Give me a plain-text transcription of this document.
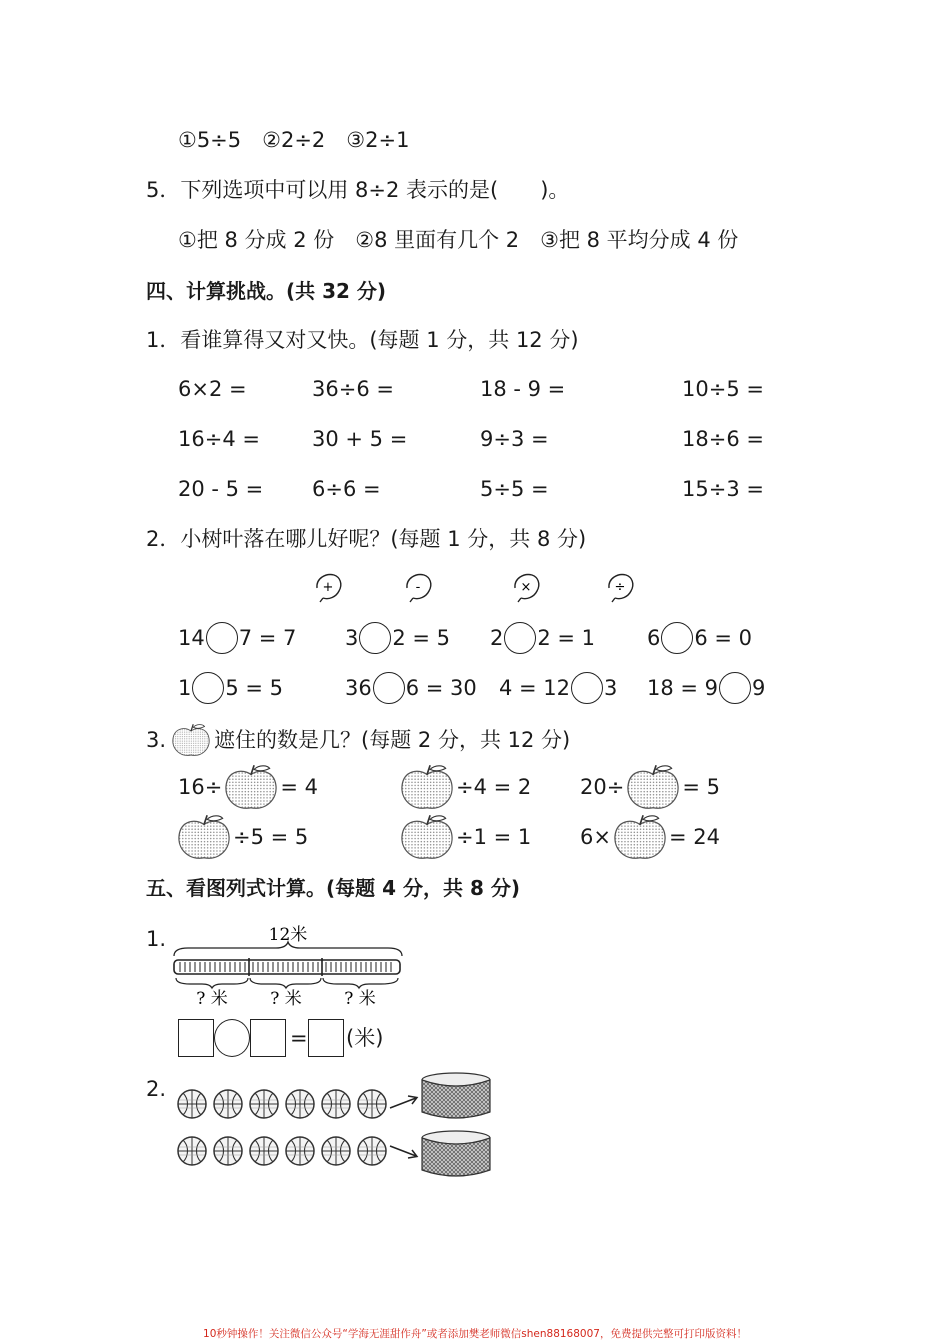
①5÷5　②2÷2　③2÷1
5．下列选项中可以用 8÷2 表示的是(　　)。
①把 8 分成 2 份　②8 里面有几个 2　③把 8 平均分成 4 份
四、计算挑战。(共 32 分)
1．看谁算得又对又快。(每题 1 分，共 12 分)
6×2 =	36÷6 =	18 - 9 =	10÷5 =
16÷4 = 30 + 5 =	9÷3 =	18÷6 =
20 - 5 = 6÷6 =	5÷5 =	15÷3 =
2．小树叶落在哪儿好呢？(每题 1 分，共 8 分)
+	-	×	÷
14 7 = 7 3 2 = 5 2 2 = 1 6 6 = 0
1 5 = 5	36 6 = 30 4 = 12 3 18 = 9 9
3. 遮住的数是几？(每题 2 分，共 12 分)
16÷	= 4	÷4 = 2 20÷	= 5
÷5 = 5	÷1 = 1 6×	= 24
五、看图列式计算。(每题 4 分，共 8 分)
1.	12米
? 米 ? 米 ? 米
= (米)
2.
10秒钟操作！关注微信公众号“学海无涯甜作舟”或者添加樊老师微信shen88168007，免费提供完整可打印版资料！
